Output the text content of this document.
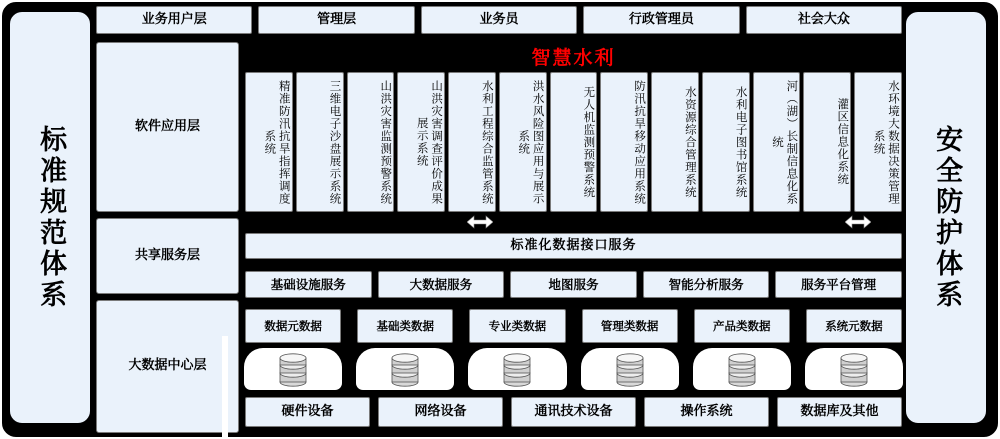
标准规范体系	安全防护体系
业务用户层	管理层	业务员	行政管理员	社会大众
软件应用层
共享服务层
大数据中心层
智慧水利
精准防汛抗旱指挥调度系统	三维电子沙盘展示系统	山洪灾害监测预警系统	山洪灾害调查评价成果展示系统	水利工程综合监管系统	洪水风险图应用与展示系统	无人机监测预警系统	防汛抗旱移动应用系统	水资源综合管理系统	水利电子图书馆系统	河（湖）长制信息化系统	灌区信息化系统	水环境大数据决策管理系统
标准化数据接口服务
基础设施服务	大数据服务	地图服务	智能分析服务	服务平台管理
数据元数据	基础类数据	专业类数据	管理类数据	产品类数据	系统元数据
硬件设备	网络设备	通讯技术设备	操作系统	数据库及其他
